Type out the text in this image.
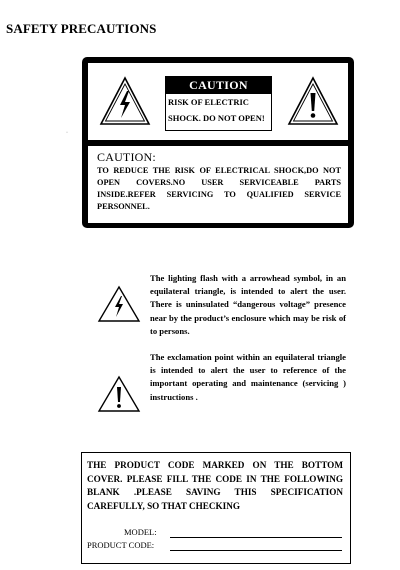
SAFETY PRECAUTIONS
·
CAUTION
RISK OF ELECTRIC
SHOCK. DO NOT OPEN!
CAUTION:
TO REDUCE THE RISK OF ELECTRICAL SHOCK,DO NOT OPEN COVERS.NO USER SERVICEABLE PARTS INSIDE.REFER SERVICING TO QUALIFIED SERVICE PERSONNEL.
The lighting flash with a arrowhead symbol, in an equilateral triangle, is intended to alert the user. There is uninsulated “dangerous voltage” presence near by the product’s enclosure which may be risk of to persons.
The exclamation point within an equilateral triangle is intended to alert the user to reference of the important operating and maintenance (servicing ) instructions .
THE PRODUCT CODE MARKED ON THE BOTTOM COVER. PLEASE FILL THE CODE IN THE FOLLOWING BLANK .PLEASE SAVING THIS SPECIFICATION CAREFULLY, SO THAT CHECKING
MODEL:
PRODUCT CODE:
